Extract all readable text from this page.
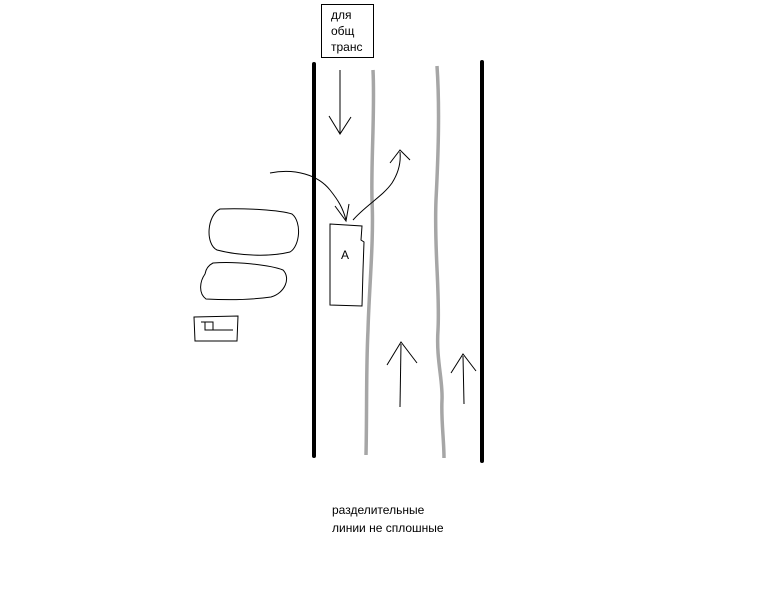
для
общ
транс
A
разделительные
линии не сплошные
